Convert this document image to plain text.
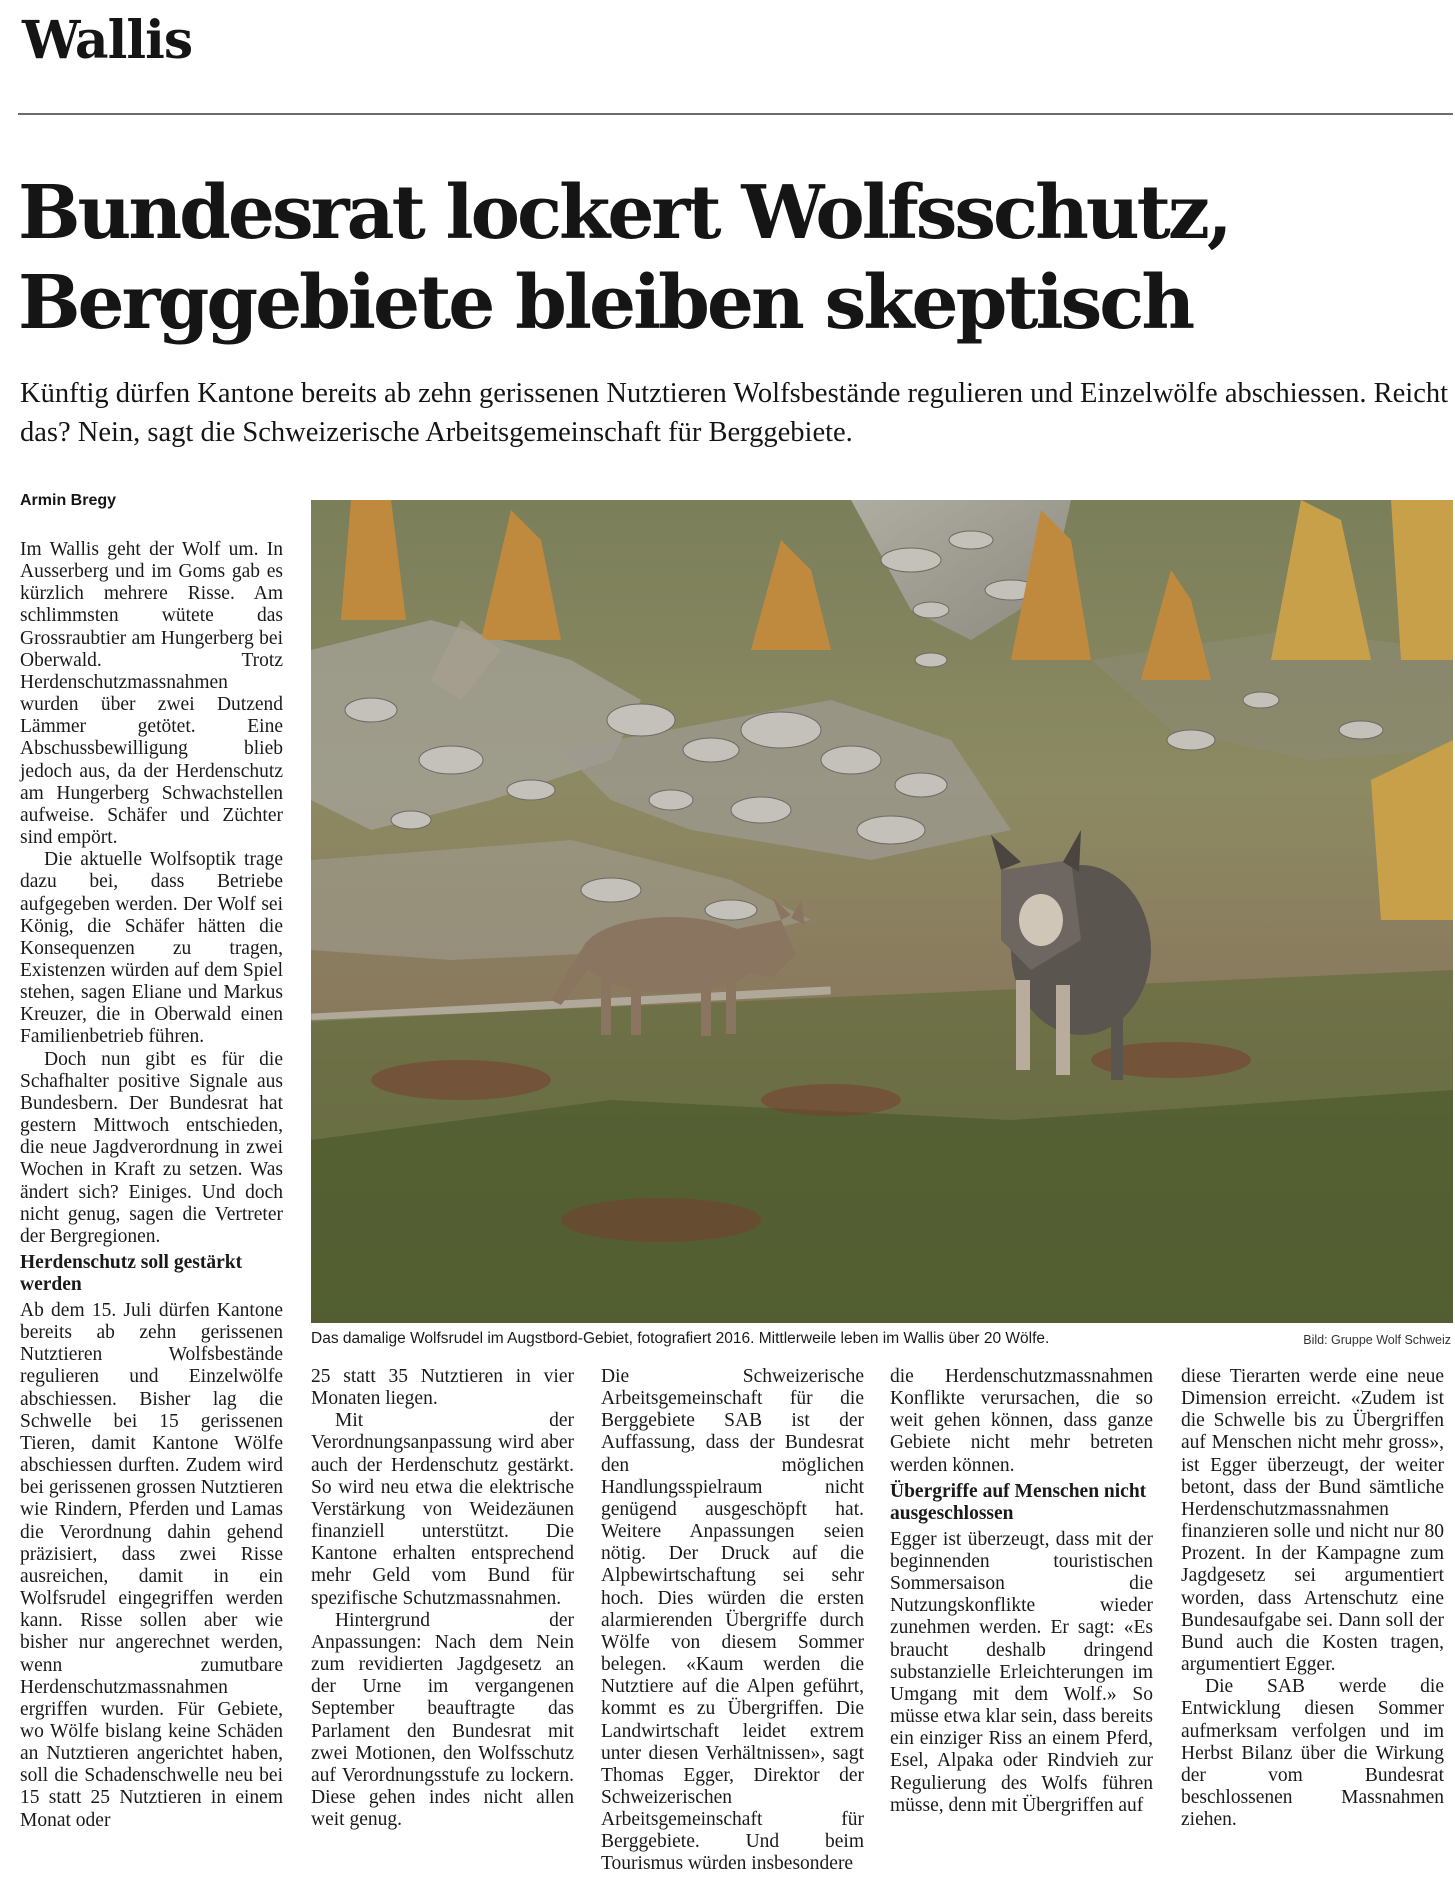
Wallis
Bundesrat lockert Wolfsschutz,
Berggebiete bleiben skeptisch

Künftig dürfen Kantone bereits ab zehn gerissenen Nutztieren Wolfsbestände regulieren und Einzelwölfe abschiessen. Reicht das? Nein, sagt die Schweizerische Arbeitsgemeinschaft für Berggebiete.

Armin Bregy

Im Wallis geht der Wolf um. In Ausserberg und im Goms gab es kürzlich mehrere Risse. Am schlimmsten wütete das Grossraubtier am Hungerberg bei Oberwald. Trotz Herdenschutzmassnahmen wurden über zwei Dutzend Lämmer getötet. Eine Abschussbewilligung blieb jedoch aus, da der Herdenschutz am Hungerberg Schwachstellen aufweise. Schäfer und Züchter sind empört.

Die aktuelle Wolfsoptik trage dazu bei, dass Betriebe aufgegeben werden. Der Wolf sei König, die Schäfer hätten die Konsequenzen zu tragen, Existenzen würden auf dem Spiel stehen, sagen Eliane und Markus Kreuzer, die in Oberwald einen Familienbetrieb führen.

Doch nun gibt es für die Schafhalter positive Signale aus Bundesbern. Der Bundesrat hat gestern Mittwoch entschieden, die neue Jagdverordnung in zwei Wochen in Kraft zu setzen. Was ändert sich? Einiges. Und doch nicht genug, sagen die Vertreter der Bergregionen.

Herdenschutz soll gestärkt werden

Ab dem 15. Juli dürfen Kantone bereits ab zehn gerissenen Nutztieren Wolfsbestände regulieren und Einzelwölfe abschiessen. Bisher lag die Schwelle bei 15 gerissenen Tieren, damit Kantone Wölfe abschiessen durften. Zudem wird bei gerissenen grossen Nutztieren wie Rindern, Pferden und Lamas die Verordnung dahin gehend präzisiert, dass zwei Risse ausreichen, damit in ein Wolfsrudel eingegriffen werden kann. Risse sollen aber wie bisher nur angerechnet werden, wenn zumutbare Herdenschutzmassnahmen ergriffen wurden. Für Gebiete, wo Wölfe bislang keine Schäden an Nutztieren angerichtet haben, soll die Schadenschwelle neu bei 15 statt 25 Nutztieren in einem Monat oder

Das damalige Wolfsrudel im Augstbord-Gebiet, fotografiert 2016. Mittlerweile leben im Wallis über 20 Wölfe.	Bild: Gruppe Wolf Schweiz

25 statt 35 Nutztieren in vier Monaten liegen.

Mit der Verordnungsanpassung wird aber auch der Herdenschutz gestärkt. So wird neu etwa die elektrische Verstärkung von Weidezäunen finanziell unterstützt. Die Kantone erhalten entsprechend mehr Geld vom Bund für spezifische Schutzmassnahmen.

Hintergrund der Anpassungen: Nach dem Nein zum revidierten Jagdgesetz an der Urne im vergangenen September beauftragte das Parlament den Bundesrat mit zwei Motionen, den Wolfsschutz auf Verordnungsstufe zu lockern. Diese gehen indes nicht allen weit genug.

Die Schweizerische Arbeitsgemeinschaft für die Berggebiete SAB ist der Auffassung, dass der Bundesrat den möglichen Handlungsspielraum nicht genügend ausgeschöpft hat. Weitere Anpassungen seien nötig. Der Druck auf die Alpbewirtschaftung sei sehr hoch. Dies würden die ersten alarmierenden Übergriffe durch Wölfe von diesem Sommer belegen. «Kaum werden die Nutztiere auf die Alpen geführt, kommt es zu Übergriffen. Die Landwirtschaft leidet extrem unter diesen Verhältnissen», sagt Thomas Egger, Direktor der Schweizerischen Arbeitsgemeinschaft für Berggebiete. Und beim Tourismus würden insbesondere

die Herdenschutzmassnahmen Konflikte verursachen, die so weit gehen können, dass ganze Gebiete nicht mehr betreten werden können.

Übergriffe auf Menschen nicht ausgeschlossen

Egger ist überzeugt, dass mit der beginnenden touristischen Sommersaison die Nutzungskonflikte wieder zunehmen werden. Er sagt: «Es braucht deshalb dringend substanzielle Erleichterungen im Umgang mit dem Wolf.» So müsse etwa klar sein, dass bereits ein einziger Riss an einem Pferd, Esel, Alpaka oder Rindvieh zur Regulierung des Wolfs führen müsse, denn mit Übergriffen auf

diese Tierarten werde eine neue Dimension erreicht. «Zudem ist die Schwelle bis zu Übergriffen auf Menschen nicht mehr gross», ist Egger überzeugt, der weiter betont, dass der Bund sämtliche Herdenschutzmassnahmen finanzieren solle und nicht nur 80 Prozent. In der Kampagne zum Jagdgesetz sei argumentiert worden, dass Artenschutz eine Bundesaufgabe sei. Dann soll der Bund auch die Kosten tragen, argumentiert Egger.

Die SAB werde die Entwicklung diesen Sommer aufmerksam verfolgen und im Herbst Bilanz über die Wirkung der vom Bundesrat beschlossenen Massnahmen ziehen.
